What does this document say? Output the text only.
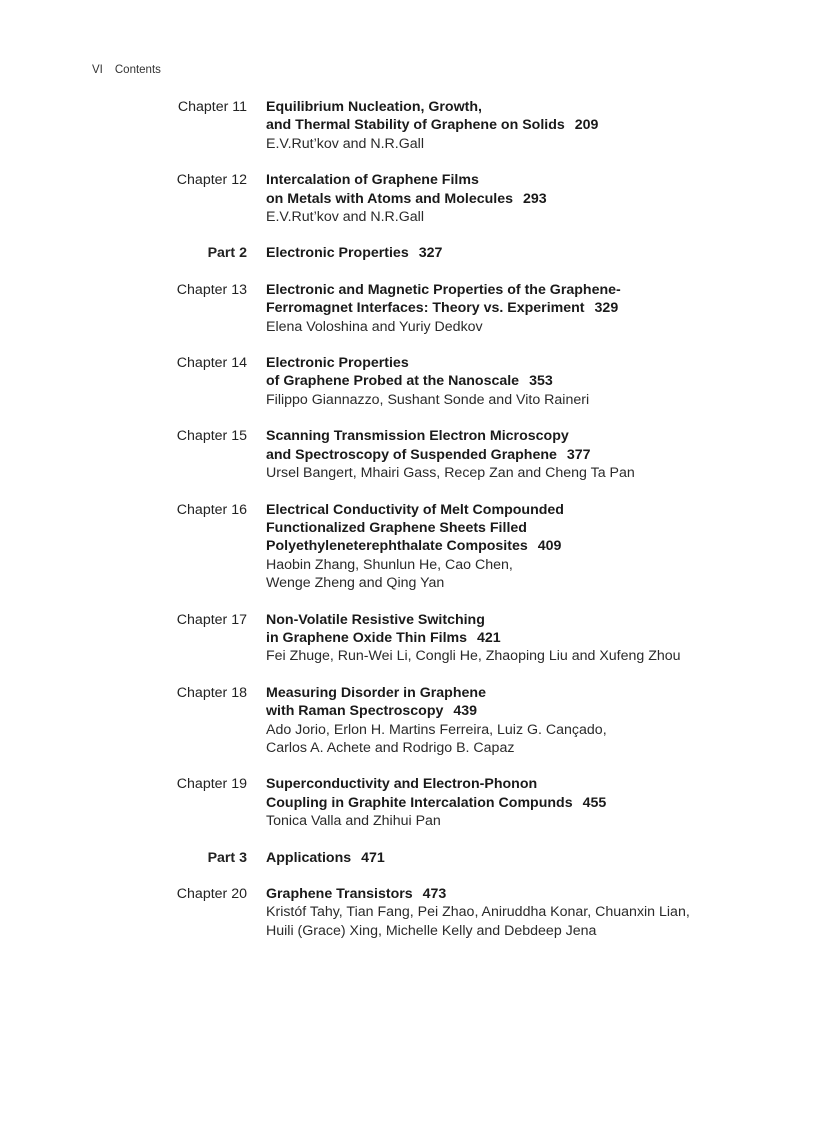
VI Contents
Chapter 11 Equilibrium Nucleation, Growth,
and Thermal Stability of Graphene on Solids 209
E.V.Rut’kov and N.R.Gall
Chapter 12 Intercalation of Graphene Films
on Metals with Atoms and Molecules 293
E.V.Rut’kov and N.R.Gall
Part 2 Electronic Properties 327
Chapter 13 Electronic and Magnetic Properties of the Graphene-
Ferromagnet Interfaces: Theory vs. Experiment 329
Elena Voloshina and Yuriy Dedkov
Chapter 14 Electronic Properties
of Graphene Probed at the Nanoscale 353
Filippo Giannazzo, Sushant Sonde and Vito Raineri
Chapter 15 Scanning Transmission Electron Microscopy
and Spectroscopy of Suspended Graphene 377
Ursel Bangert, Mhairi Gass, Recep Zan and Cheng Ta Pan
Chapter 16 Electrical Conductivity of Melt Compounded
Functionalized Graphene Sheets Filled
Polyethyleneterephthalate Composites 409
Haobin Zhang, Shunlun He, Cao Chen,
Wenge Zheng and Qing Yan
Chapter 17 Non-Volatile Resistive Switching
in Graphene Oxide Thin Films 421
Fei Zhuge, Run-Wei Li, Congli He, Zhaoping Liu and Xufeng Zhou
Chapter 18 Measuring Disorder in Graphene
with Raman Spectroscopy 439
Ado Jorio, Erlon H. Martins Ferreira, Luiz G. Cançado,
Carlos A. Achete and Rodrigo B. Capaz
Chapter 19 Superconductivity and Electron-Phonon
Coupling in Graphite Intercalation Compunds 455
Tonica Valla and Zhihui Pan
Part 3 Applications 471
Chapter 20 Graphene Transistors 473
Kristóf Tahy, Tian Fang, Pei Zhao, Aniruddha Konar, Chuanxin Lian,
Huili (Grace) Xing, Michelle Kelly and Debdeep Jena
